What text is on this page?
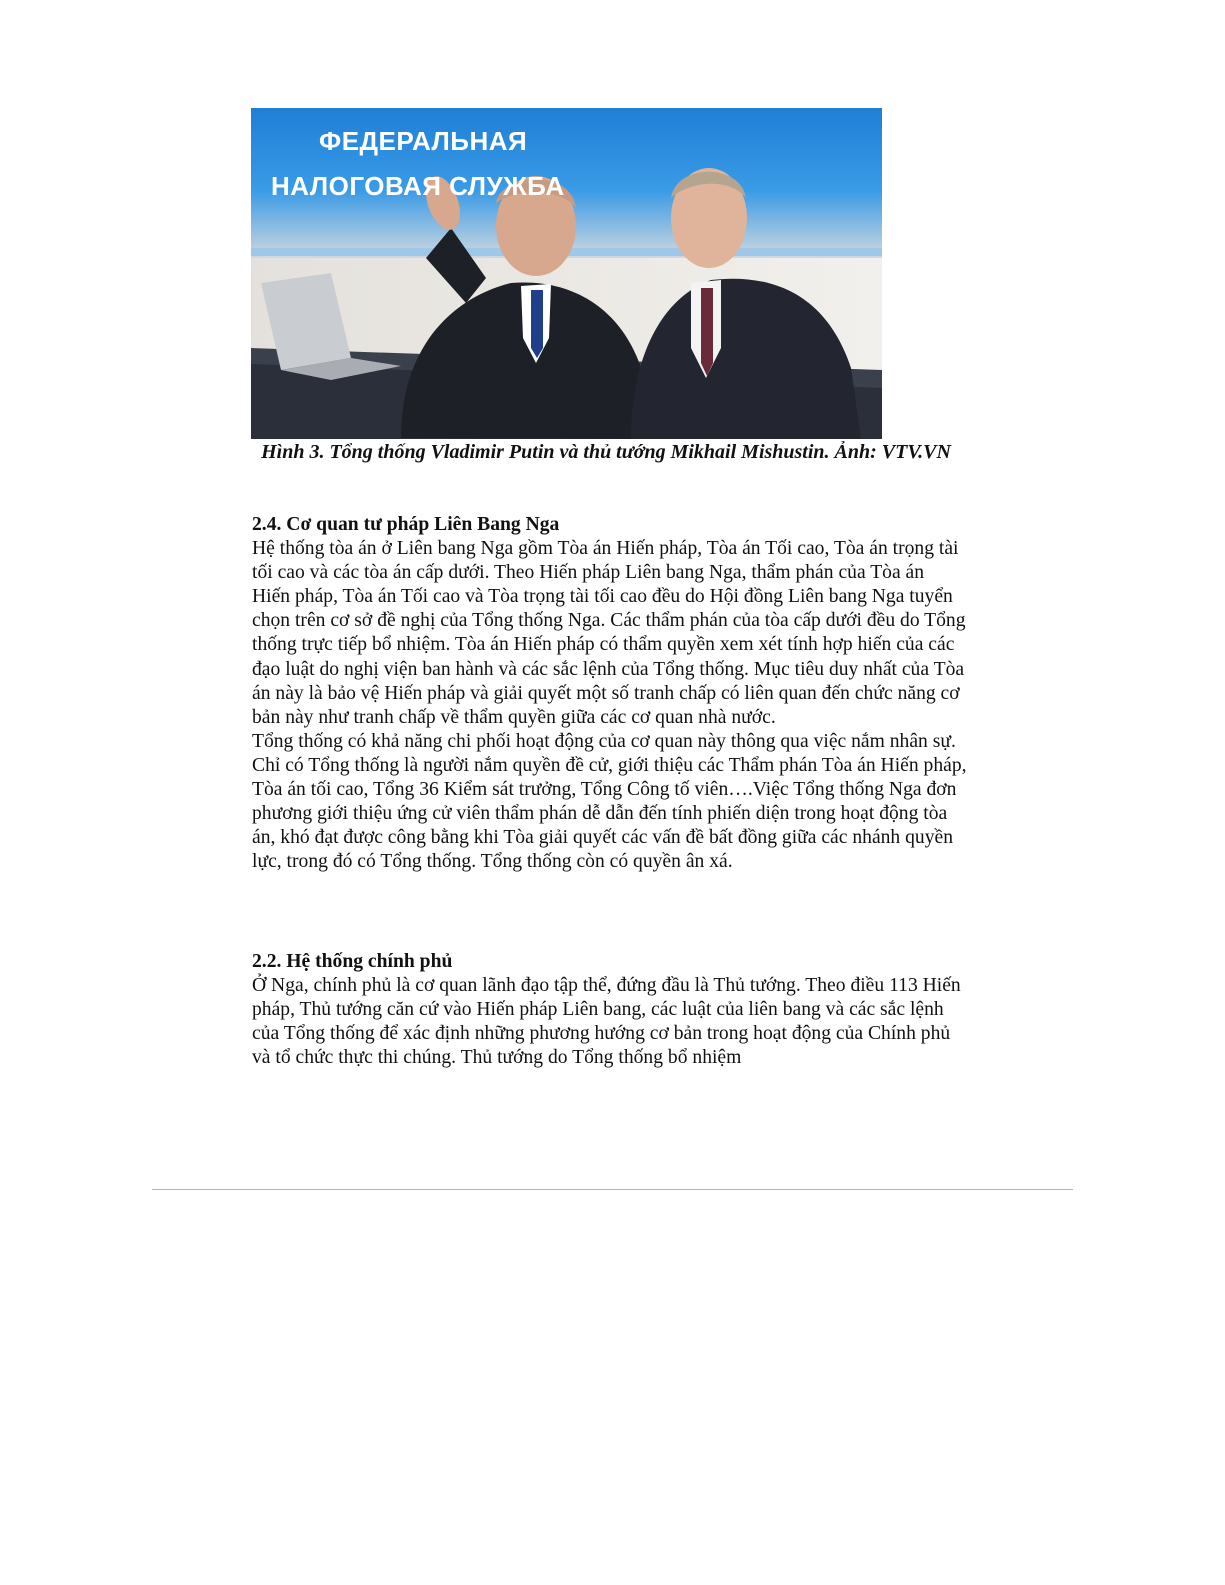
ФЕДЕРАЛЬНАЯ
НАЛОГОВАЯ СЛУЖБА
Hình 3. Tổng thống Vladimir Putin và thủ tướng Mikhail Mishustin. Ảnh: VTV.VN
2.4. Cơ quan tư pháp Liên Bang Nga
Hệ thống tòa án ở Liên bang Nga gồm Tòa án Hiến pháp, Tòa án Tối cao, Tòa án trọng tài tối cao và các tòa án cấp dưới. Theo Hiến pháp Liên bang Nga, thẩm phán của Tòa án Hiến pháp, Tòa án Tối cao và Tòa trọng tài tối cao đều do Hội đồng Liên bang Nga tuyển chọn trên cơ sở đề nghị của Tổng thống Nga. Các thẩm phán của tòa cấp dưới đều do Tổng thống trực tiếp bổ nhiệm. Tòa án Hiến pháp có thẩm quyền xem xét tính hợp hiến của các đạo luật do nghị viện ban hành và các sắc lệnh của Tổng thống. Mục tiêu duy nhất của Tòa án này là bảo vệ Hiến pháp và giải quyết một số tranh chấp có liên quan đến chức năng cơ bản này như tranh chấp về thẩm quyền giữa các cơ quan nhà nước.
Tổng thống có khả năng chi phối hoạt động của cơ quan này thông qua việc nắm nhân sự. Chỉ có Tổng thống là người nắm quyền đề cử, giới thiệu các Thẩm phán Tòa án Hiến pháp, Tòa án tối cao, Tổng 36 Kiểm sát trưởng, Tổng Công tố viên….Việc Tổng thống Nga đơn phương giới thiệu ứng cử viên thẩm phán dễ dẫn đến tính phiến diện trong hoạt động tòa án, khó đạt được công bằng khi Tòa giải quyết các vấn đề bất đồng giữa các nhánh quyền lực, trong đó có Tổng thống. Tổng thống còn có quyền ân xá.
2.2. Hệ thống chính phủ
Ở Nga, chính phủ là cơ quan lãnh đạo tập thể, đứng đầu là Thủ tướng. Theo điều 113 Hiến pháp, Thủ tướng căn cứ vào Hiến pháp Liên bang, các luật của liên bang và các sắc lệnh của Tổng thống để xác định những phương hướng cơ bản trong hoạt động của Chính phủ và tổ chức thực thi chúng. Thủ tướng do Tổng thống bổ nhiệm
